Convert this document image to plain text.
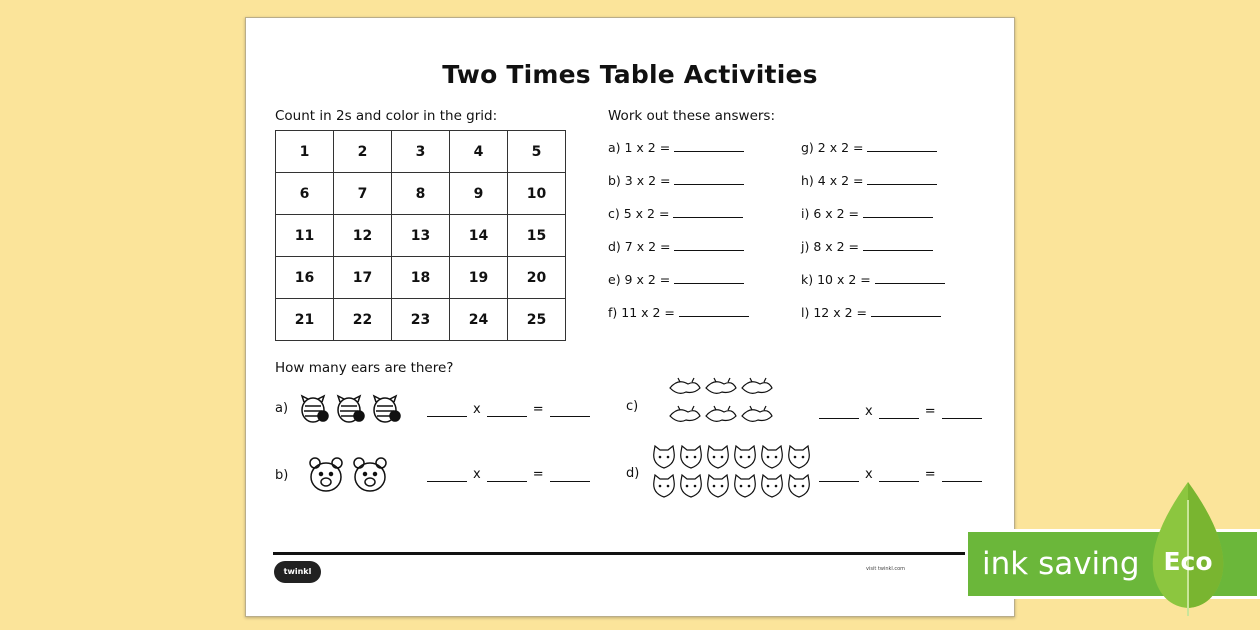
Two Times Table Activities
Count in 2s and color in the grid:
1	2	3	4	5
6	7	8	9	10
11	12	13	14	15
16	17	18	19	20
21	22	23	24	25
Work out these answers:
a) 1 x 2 =
b) 3 x 2 =
c) 5 x 2 =
d) 7 x 2 =
e) 9 x 2 =
f) 11 x 2 =
g) 2 x 2 =
h) 4 x 2 =
i) 6 x 2 =
j) 8 x 2 =
k) 10 x 2 =
l) 12 x 2 =
How many ears are there?
a)	x	=
b)	x	=
c)	x	=
d)	x	=
twinkl	visit twinkl.com ink saving Eco
